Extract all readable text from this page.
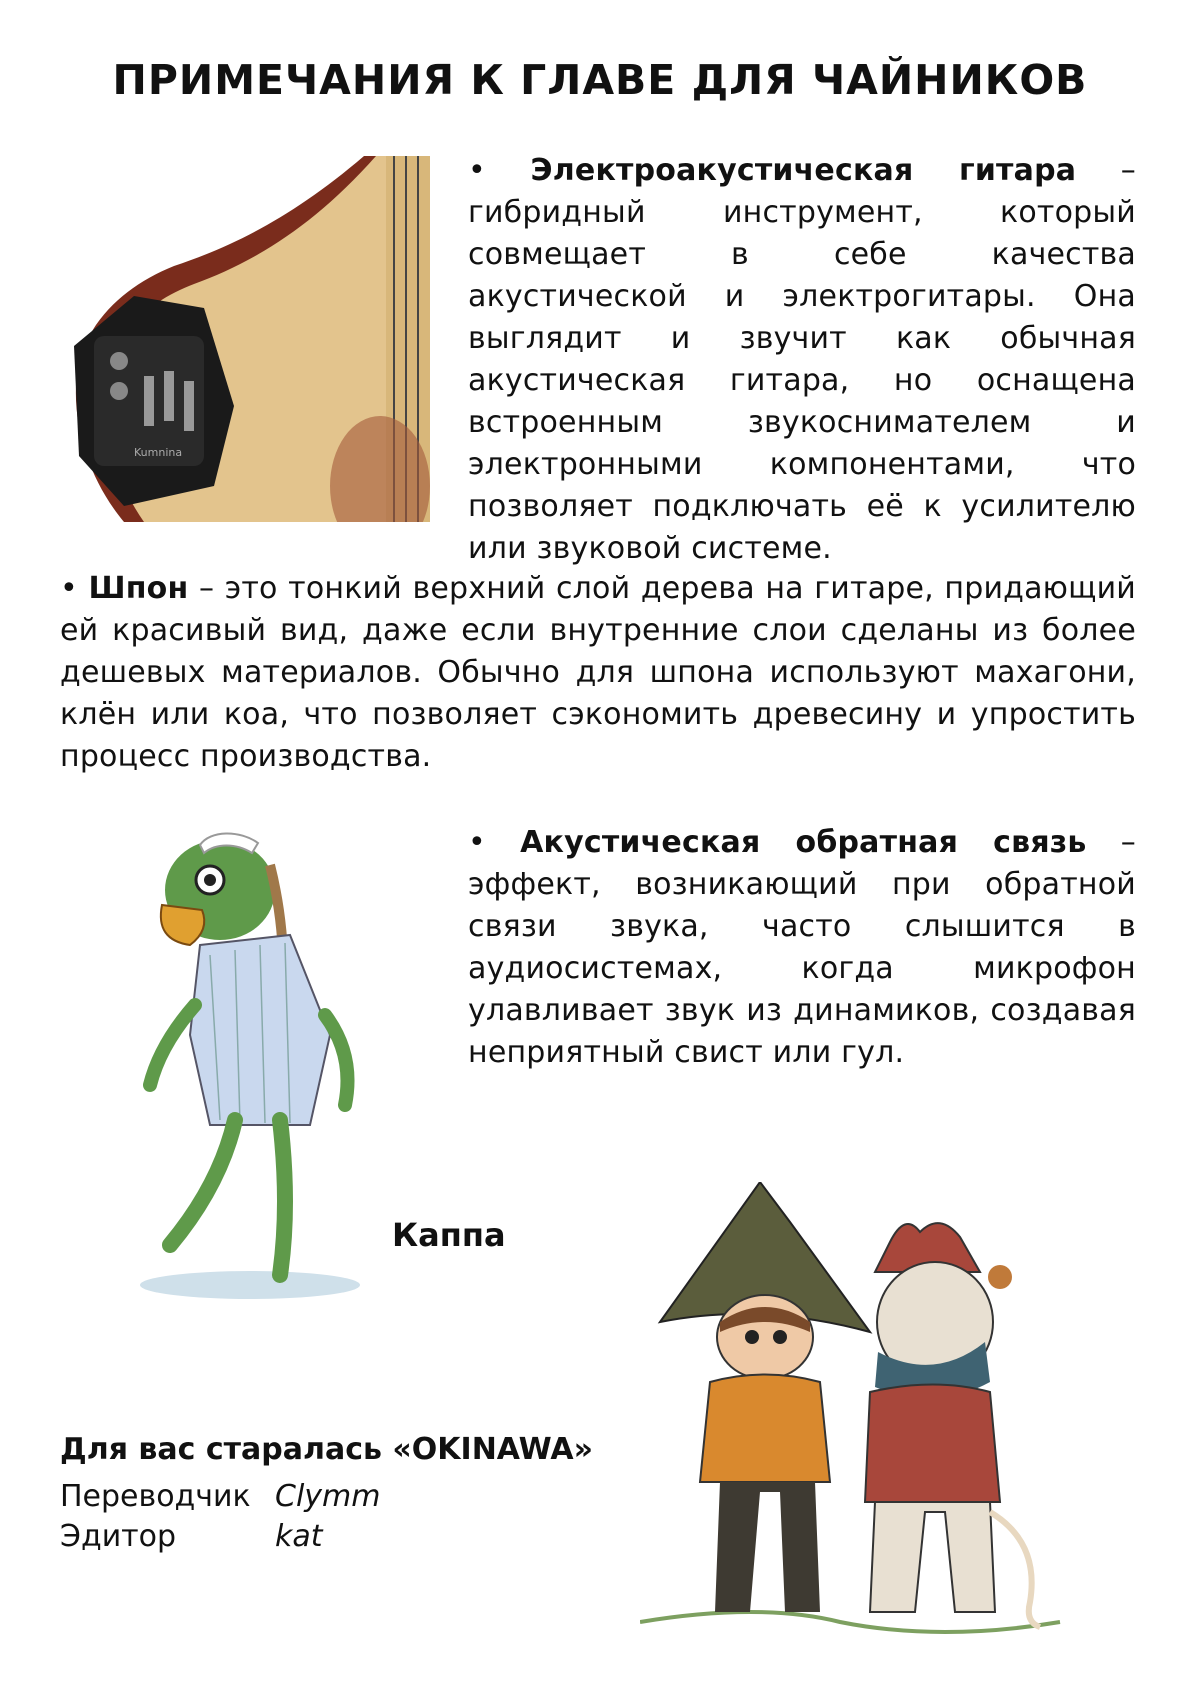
ПРИМЕЧАНИЯ К ГЛАВЕ ДЛЯ ЧАЙНИКОВ
Kumnina

• Электроакустическая гитара – гибридный инструмент, который совмещает в себе качества акустической и электрогитары. Она выглядит и звучит как обычная акустическая гитара, но оснащена встроенным звукоснимателем и электронными компонентами, что позволяет подключать её к усилителю или звуковой системе.

• Шпон – это тонкий верхний слой дерева на гитаре, придающий ей красивый вид, даже если внутренние слои сделаны из более дешевых материалов. Обычно для шпона используют махагони, клён или коа, что позволяет сэкономить древесину и упростить процесс производства.

Каппа

• Акустическая обратная связь – эффект, возникающий при обратной связи звука, часто слышится в аудиосистемах, когда микрофон улавливает звук из динамиков, создавая неприятный свист или гул.

Для вас старалась «OKINAWA»
Переводчик Clymm
Эдитор	kat
